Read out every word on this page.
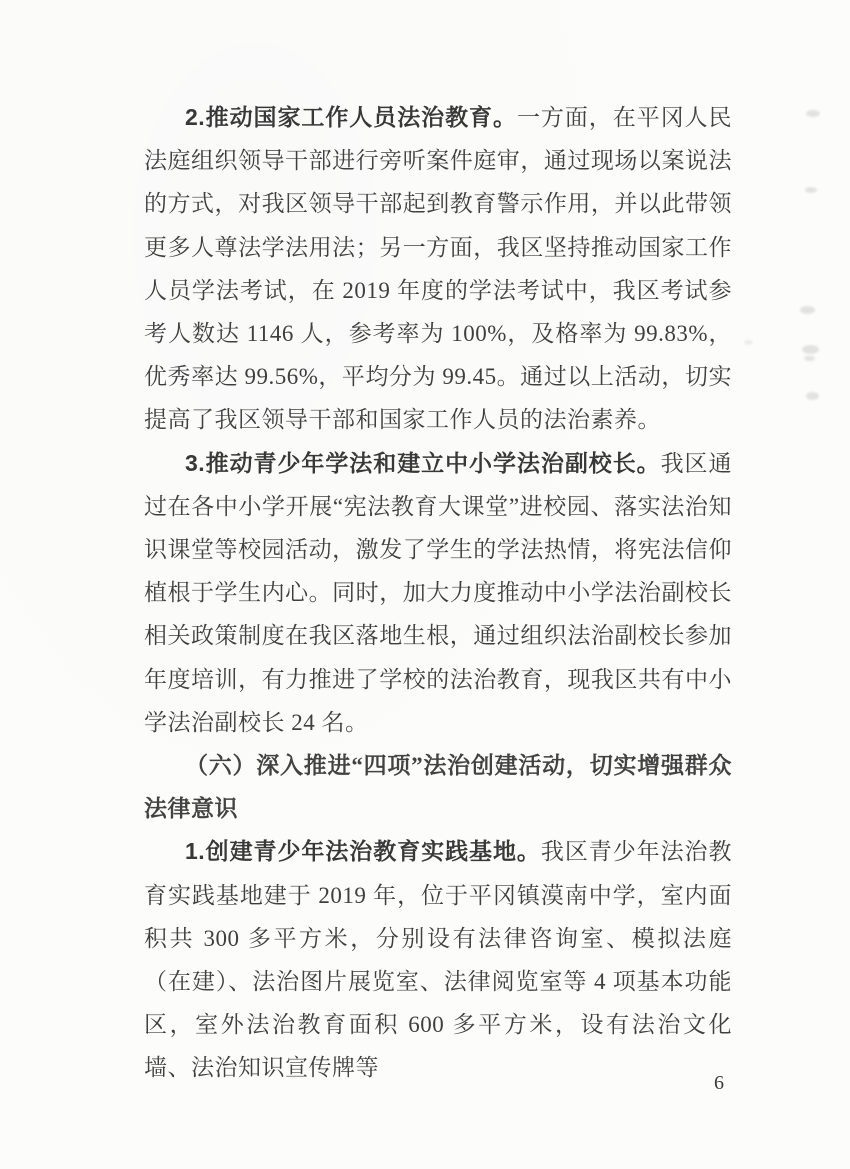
2.推动国家工作人员法治教育。一方面，在平冈人民法庭组织领导干部进行旁听案件庭审，通过现场以案说法的方式，对我区领导干部起到教育警示作用，并以此带领更多人尊法学法用法；另一方面，我区坚持推动国家工作人员学法考试，在 2019 年度的学法考试中，我区考试参考人数达 1146 人，参考率为 100%，及格率为 99.83%，优秀率达 99.56%，平均分为 99.45。通过以上活动，切实提高了我区领导干部和国家工作人员的法治素养。

3.推动青少年学法和建立中小学法治副校长。我区通过在各中小学开展“宪法教育大课堂”进校园、落实法治知识课堂等校园活动，激发了学生的学法热情，将宪法信仰植根于学生内心。同时，加大力度推动中小学法治副校长相关政策制度在我区落地生根，通过组织法治副校长参加年度培训，有力推进了学校的法治教育，现我区共有中小学法治副校长 24 名。

（六）深入推进“四项”法治创建活动，切实增强群众法律意识

1.创建青少年法治教育实践基地。我区青少年法治教育实践基地建于 2019 年，位于平冈镇漠南中学，室内面积共 300 多平方米，分别设有法律咨询室、模拟法庭（在建）、法治图片展览室、法律阅览室等 4 项基本功能区，室外法治教育面积 600 多平方米，设有法治文化墙、法治知识宣传牌等

6
